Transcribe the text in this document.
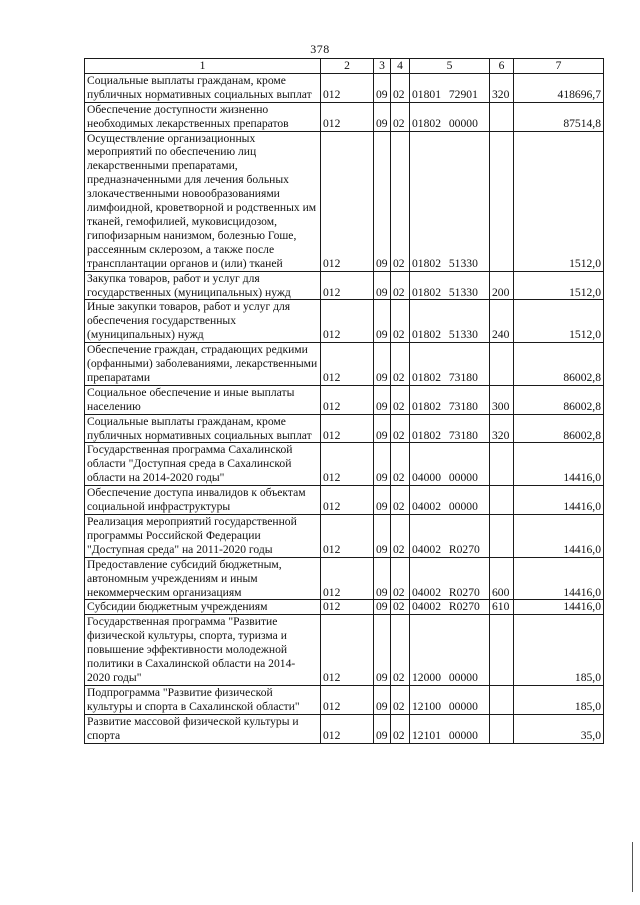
378
1	2	3	4	5	6	7
Социальные выплаты гражданам, кроме публичных нормативных социальных выплат	012	09	02	01801 72901	320	418696,7
Обеспечение доступности жизненно необходимых лекарственных препаратов	012	09	02	01802 00000		87514,8
Осуществление организационных мероприятий по обеспечению лиц лекарственными препаратами, предназначенными для лечения больных злокачественными новообразованиями лимфоидной, кроветворной и родственных им тканей, гемофилией, муковисцидозом, гипофизарным нанизмом, болезнью Гоше, рассеянным склерозом, а также после трансплантации органов и (или) тканей	012	09	02	01802 51330		1512,0
Закупка товаров, работ и услуг для государственных (муниципальных) нужд	012	09	02	01802 51330	200	1512,0
Иные закупки товаров, работ и услуг для обеспечения государственных (муниципальных) нужд	012	09	02	01802 51330	240	1512,0
Обеспечение граждан, страдающих редкими (орфанными) заболеваниями, лекарственными препаратами	012	09	02	01802 73180		86002,8
Социальное обеспечение и иные выплаты населению	012	09	02	01802 73180	300	86002,8
Социальные выплаты гражданам, кроме публичных нормативных социальных выплат	012	09	02	01802 73180	320	86002,8
Государственная программа Сахалинской области "Доступная среда в Сахалинской области на 2014-2020 годы"	012	09	02	04000 00000		14416,0
Обеспечение доступа инвалидов к объектам социальной инфраструктуры	012	09	02	04002 00000		14416,0
Реализация мероприятий государственной программы Российской Федерации "Доступная среда" на 2011-2020 годы	012	09	02	04002 R0270		14416,0
Предоставление субсидий бюджетным, автономным учреждениям и иным некоммерческим организациям	012	09	02	04002 R0270	600	14416,0
Субсидии бюджетным учреждениям	012	09	02	04002 R0270	610	14416,0
Государственная программа "Развитие физической культуры, спорта, туризма и повышение эффективности молодежной политики в Сахалинской области на 2014-2020 годы"	012	09	02	12000 00000		185,0
Подпрограмма "Развитие физической культуры и спорта в Сахалинской области"	012	09	02	12100 00000		185,0
Развитие массовой физической культуры и спорта	012	09	02	12101 00000		35,0
